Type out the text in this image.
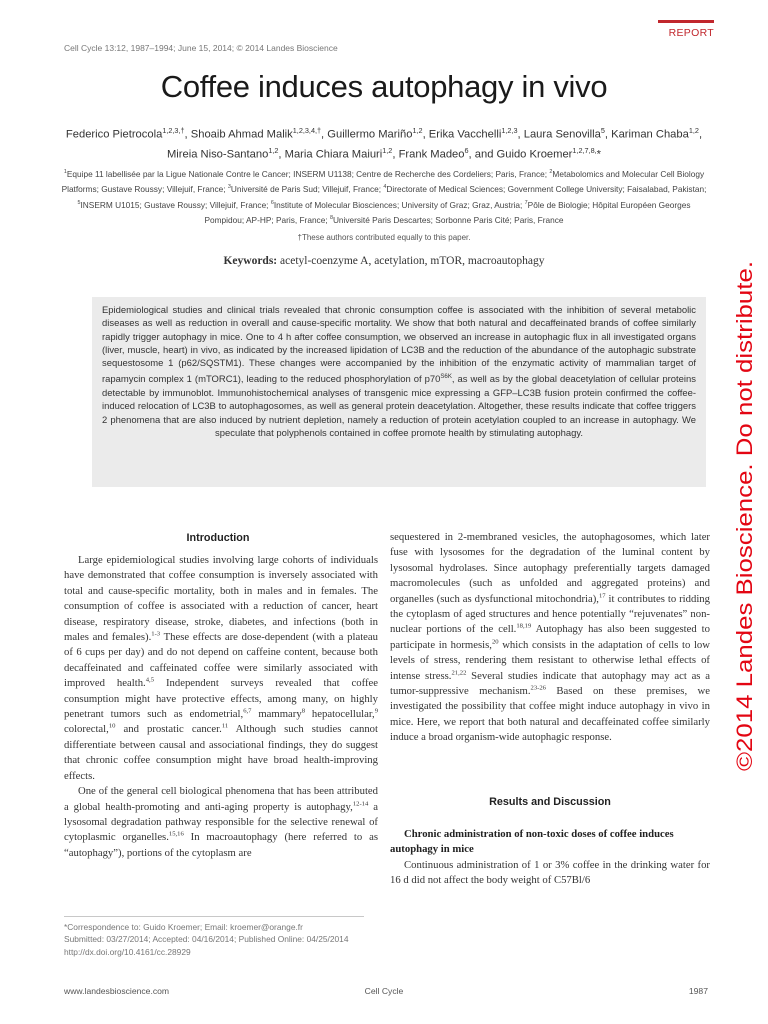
REPORT
Cell Cycle 13:12, 1987–1994; June 15, 2014; © 2014 Landes Bioscience
Coffee induces autophagy in vivo

Federico Pietrocola$^{1,2,3,\dagger}$, Shoaib Ahmad Malik$^{1,2,3,4,\dagger}$, Guillermo Mariño$^{1,2}$, Erika Vacchelli$^{1,2,3}$, Laura Senovilla$^5$, Kariman Chaba$^{1,2}$, Mireia Niso-Santano$^{1,2}$, Maria Chiara Maiuri$^{1,2}$, Frank Madeo$^6$, and Guido Kroemer$^{1,2,7,8,}$*

$^1$Equipe 11 labellisée par la Ligue Nationale Contre le Cancer; INSERM U1138; Centre de Recherche des Cordeliers; Paris, France; $^2$Metabolomics and Molecular Cell Biology Platforms; Gustave Roussy; Villejuif, France; $^3$Université de Paris Sud; Villejuif, France; $^4$Directorate of Medical Sciences; Government College University; Faisalabad, Pakistan; $^5$INSERM U1015; Gustave Roussy; Villejuif, France; $^6$Institute of Molecular Biosciences; University of Graz; Graz, Austria; $^7$Pôle de Biologie; Hôpital Européen Georges Pompidou; AP-HP; Paris, France; $^8$Université Paris Descartes; Sorbonne Paris Cité; Paris, France

†These authors contributed equally to this paper.
Keywords: acetyl-coenzyme A, acetylation, mTOR, macroautophagy

Epidemiological studies and clinical trials revealed that chronic consumption coffee is associated with the inhibition of several metabolic diseases as well as reduction in overall and cause-specific mortality. We show that both natural and decaffeinated brands of coffee similarly rapidly trigger autophagy in mice. One to 4 h after coffee consumption, we observed an increase in autophagic flux in all investigated organs (liver, muscle, heart) in vivo, as indicated by the increased lipidation of LC3B and the reduction of the abundance of the autophagic substrate sequestosome 1 (p62/SQSTM1). These changes were accompanied by the inhibition of the enzymatic activity of mammalian target of rapamycin complex 1 (mTORC1), leading to the reduced phosphorylation of $p70^{S6K}$, as well as by the global deacetylation of cellular proteins detectable by immunoblot. Immunohistochemical analyses of transgenic mice expressing a GFP–LC3B fusion protein confirmed the coffee-induced relocation of LC3B to autophagosomes, as well as general protein deacetylation. Altogether, these results indicate that coffee triggers 2 phenomena that are also induced by nutrient depletion, namely a reduction of protein acetylation coupled to an increase in autophagy. We speculate that polyphenols contained in coffee promote health by stimulating autophagy.

Introduction

Large epidemiological studies involving large cohorts of individuals have demonstrated that coffee consumption is inversely associated with total and cause-specific mortality, both in males and in females. The consumption of coffee is associated with a reduction of cancer, heart disease, respiratory disease, stroke, diabetes, and infections (both in males and females).$^{1-3}$ These effects are dose-dependent (with a plateau of 6 cups per day) and do not depend on caffeine content, because both decaffeinated and caffeinated coffee were similarly associated with improved health.$^{4,5}$ Independent surveys revealed that coffee consumption might have protective effects, among many, on highly penetrant tumors such as endometrial,$^{6,7}$ mammary$^8$ hepatocellular,$^9$ colorectal,$^{10}$ and prostatic cancer.$^{11}$ Although such studies cannot differentiate between causal and associational findings, they do suggest that chronic coffee consumption might have broad health-improving effects.

One of the general cell biological phenomena that has been attributed a global health-promoting and anti-aging property is autophagy,$^{12-14}$ a lysosomal degradation pathway responsible for the selective renewal of cytoplasmic organelles.$^{15,16}$ In macroautophagy (here referred to as “autophagy”), portions of the cytoplasm are

sequestered in 2-membraned vesicles, the autophagosomes, which later fuse with lysosomes for the degradation of the luminal content by lysosomal hydrolases. Since autophagy preferentially targets damaged macromolecules (such as unfolded and aggregated proteins) and organelles (such as dysfunctional mitochondria),$^{17}$ it contributes to ridding the cytoplasm of aged structures and hence potentially “rejuvenates” non-nuclear portions of the cell.$^{18,19}$ Autophagy has also been suggested to participate in hormesis,$^{20}$ which consists in the adaptation of cells to low levels of stress, rendering them resistant to otherwise lethal effects of intense stress.$^{21,22}$ Several studies indicate that autophagy may act as a tumor-suppressive mechanism.$^{23-26}$ Based on these premises, we investigated the possibility that coffee might induce autophagy in vivo in mice. Here, we report that both natural and decaffeinated coffee similarly induce a broad organism-wide autophagic response.

Results and Discussion

Chronic administration of non-toxic doses of coffee induces autophagy in mice

Continuous administration of 1 or 3% coffee in the drinking water for 16 d did not affect the body weight of C57Bl/6

*Correspondence to: Guido Kroemer; Email: kroemer@orange.fr
Submitted: 03/27/2014; Accepted: 04/16/2014; Published Online: 04/25/2014
http://dx.doi.org/10.4161/cc.28929
www.landesbioscience.com	Cell Cycle	1987
©2014 Landes Bioscience. Do not distribute.
